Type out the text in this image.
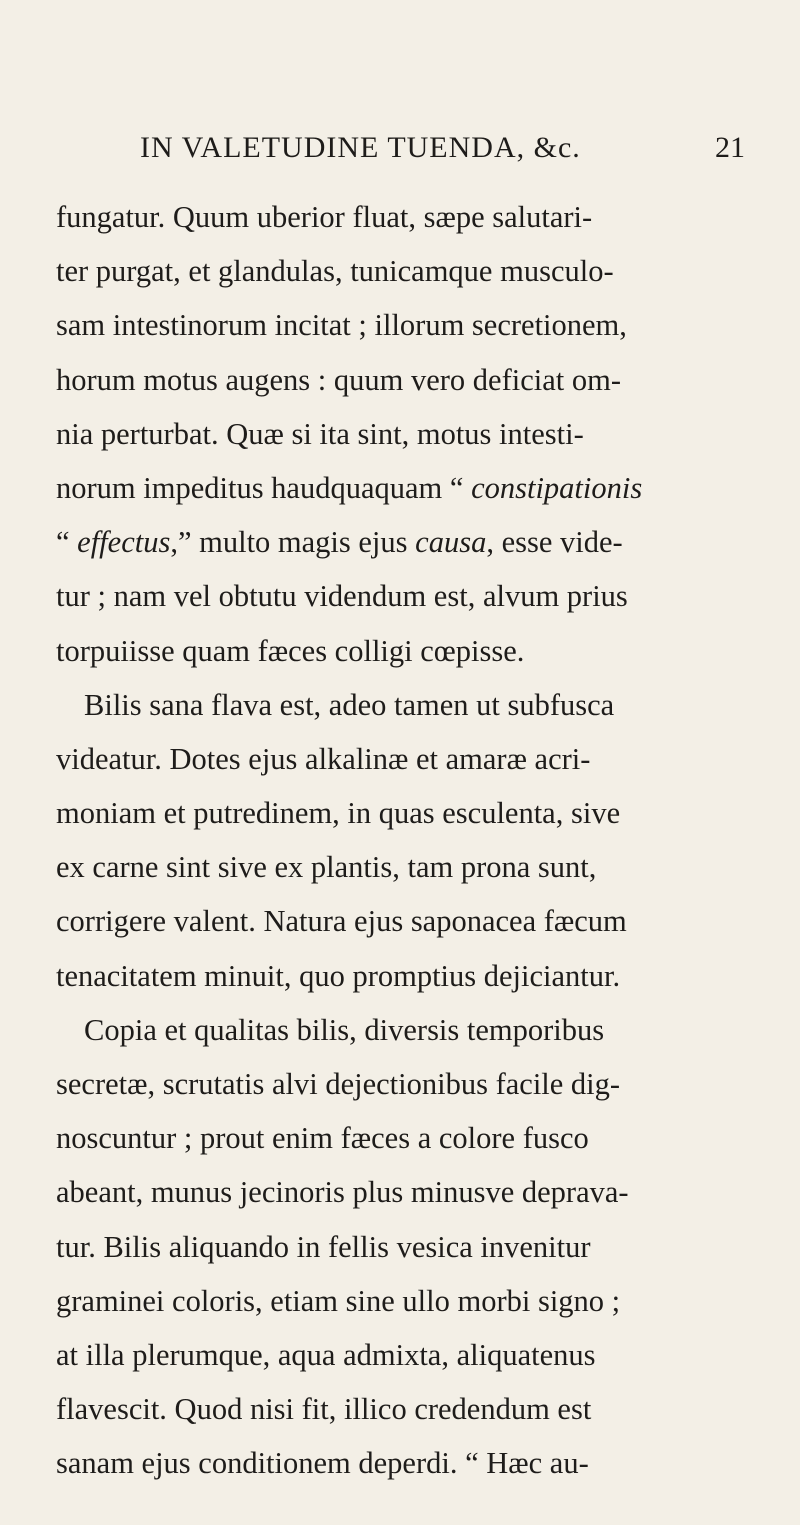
IN VALETUDINE TUENDA, &c.	21
fungatur. Quum uberior fluat, sæpe salutari-
ter purgat, et glandulas, tunicamque musculo-
sam intestinorum incitat ; illorum secretionem,
horum motus augens : quum vero deficiat om-
nia perturbat. Quæ si ita sint, motus intesti-
norum impeditus haudquaquam “ constipationis
“ effectus,” multo magis ejus causa, esse vide-
tur ; nam vel obtutu videndum est, alvum prius
torpuiisse quam fæces colligi cœpisse.
Bilis sana flava est, adeo tamen ut subfusca
videatur. Dotes ejus alkalinæ et amaræ acri-
moniam et putredinem, in quas esculenta, sive
ex carne sint sive ex plantis, tam prona sunt,
corrigere valent. Natura ejus saponacea fæcum
tenacitatem minuit, quo promptius dejiciantur.
Copia et qualitas bilis, diversis temporibus
secretæ, scrutatis alvi dejectionibus facile dig-
noscuntur ; prout enim fæces a colore fusco
abeant, munus jecinoris plus minusve deprava-
tur. Bilis aliquando in fellis vesica invenitur
graminei coloris, etiam sine ullo morbi signo ;
at illa plerumque, aqua admixta, aliquatenus
flavescit. Quod nisi fit, illico credendum est
sanam ejus conditionem deperdi. “ Hæc au-
